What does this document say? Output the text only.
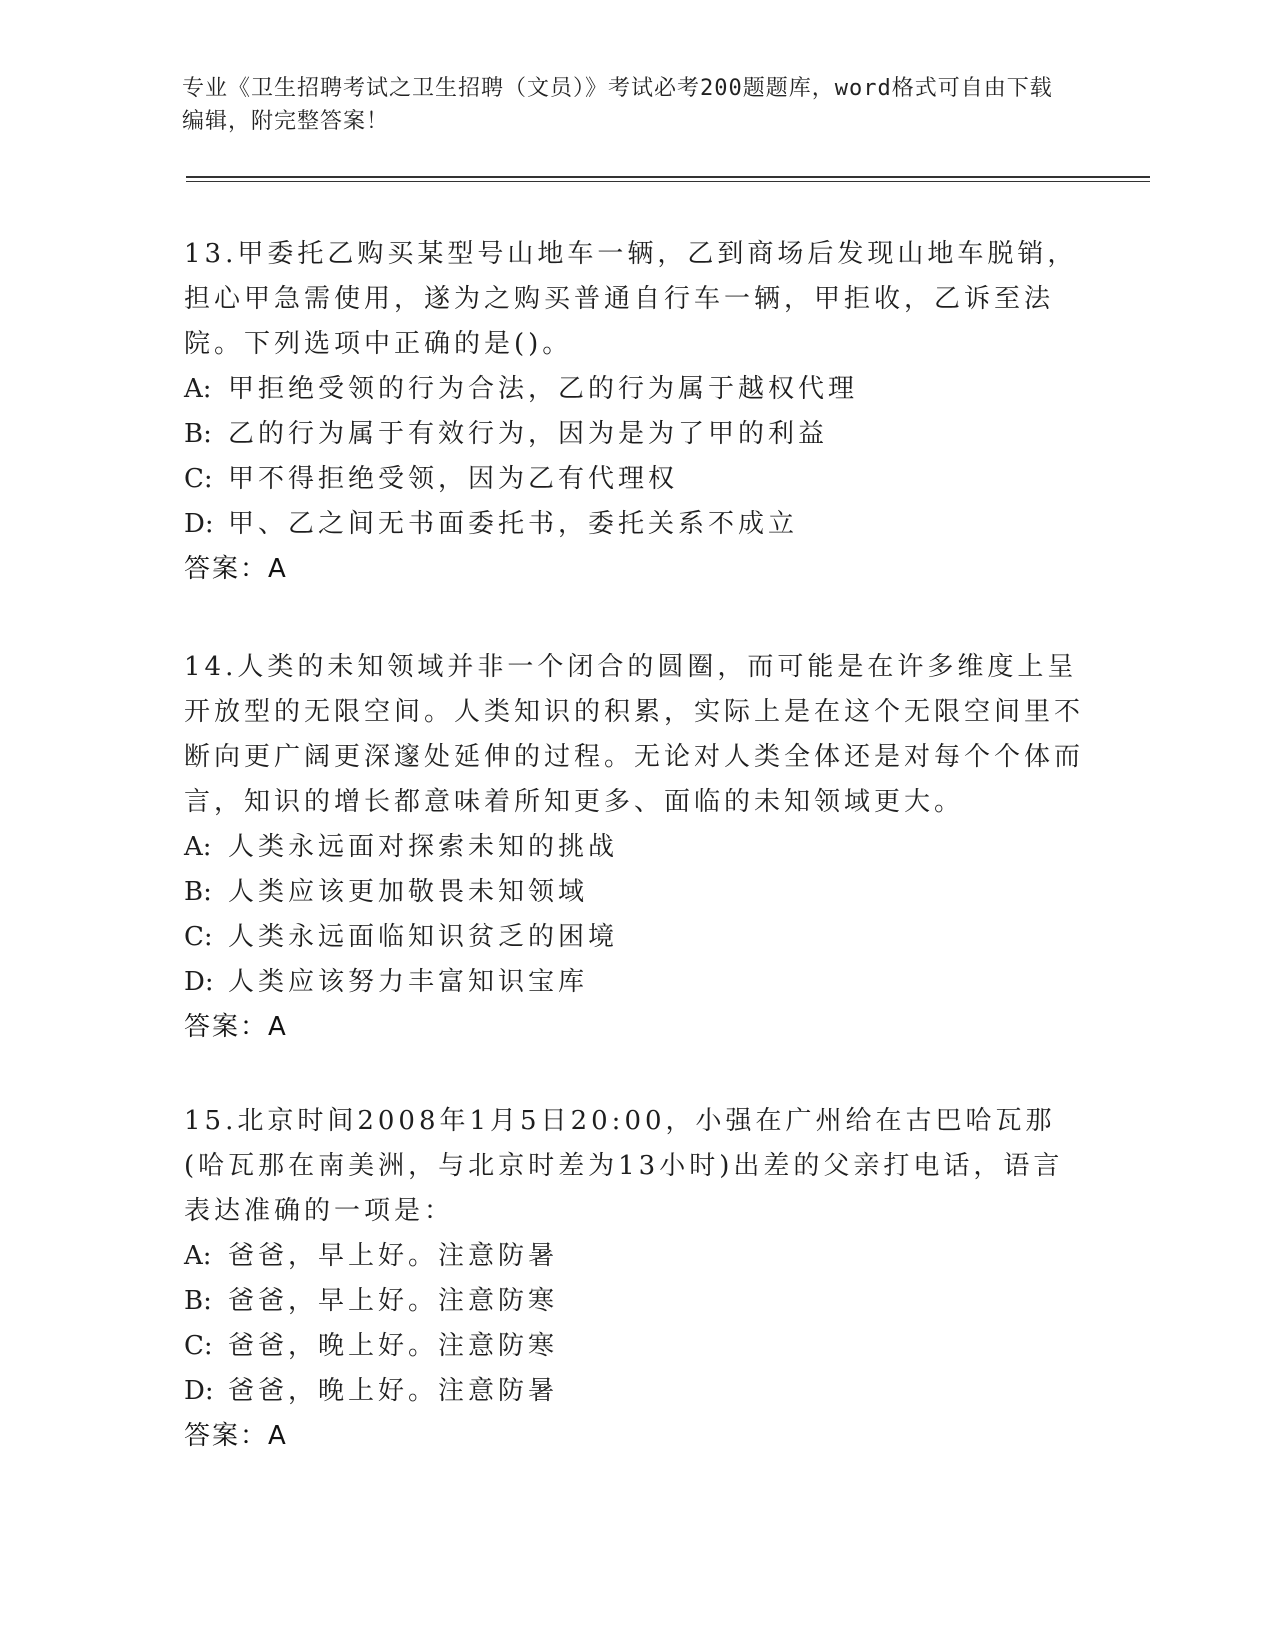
专业《卫生招聘考试之卫生招聘（文员）》考试必考200题题库，word格式可自由下载编辑，附完整答案！

13.甲委托乙购买某型号山地车一辆，乙到商场后发现山地车脱销，担心甲急需使用，遂为之购买普通自行车一辆，甲拒收，乙诉至法院。下列选项中正确的是()。

A: 甲拒绝受领的行为合法，乙的行为属于越权代理

B: 乙的行为属于有效行为，因为是为了甲的利益

C: 甲不得拒绝受领，因为乙有代理权

D: 甲、乙之间无书面委托书，委托关系不成立

答案：A

14.人类的未知领域并非一个闭合的圆圈，而可能是在许多维度上呈开放型的无限空间。人类知识的积累，实际上是在这个无限空间里不断向更广阔更深邃处延伸的过程。无论对人类全体还是对每个个体而言，知识的增长都意味着所知更多、面临的未知领域更大。

A: 人类永远面对探索未知的挑战

B: 人类应该更加敬畏未知领域

C: 人类永远面临知识贫乏的困境

D: 人类应该努力丰富知识宝库

答案：A

15.北京时间2008年1月5日20:00，小强在广州给在古巴哈瓦那(哈瓦那在南美洲，与北京时差为13小时)出差的父亲打电话，语言表达准确的一项是：

A: 爸爸，早上好。注意防暑

B: 爸爸，早上好。注意防寒

C: 爸爸，晚上好。注意防寒

D: 爸爸，晚上好。注意防暑

答案：A
